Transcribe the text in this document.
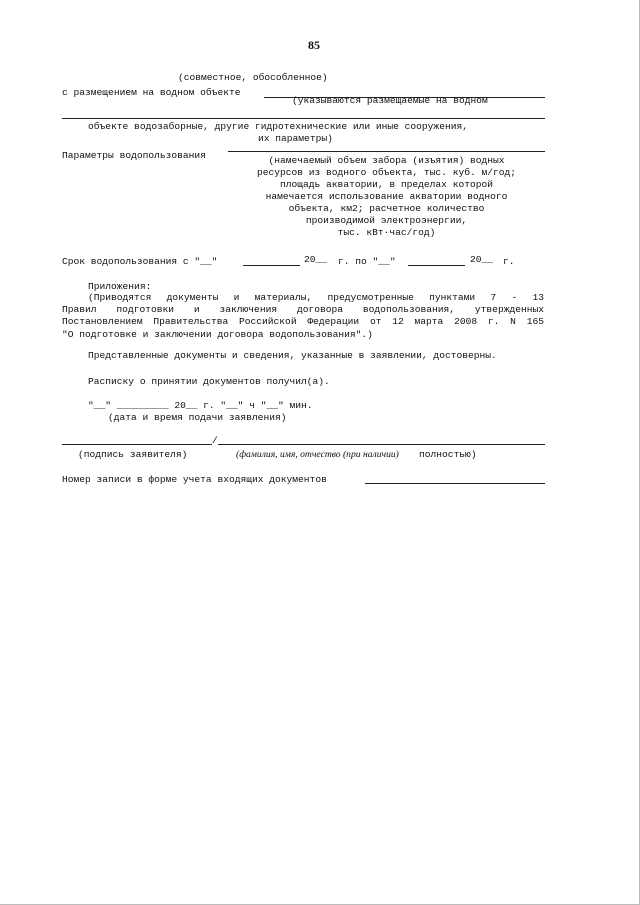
85
(совместное, обособленное)
с размещением на водном объекте
(указываются размещаемые на водном
объекте водозаборные, другие гидротехнические или иные сооружения,
их параметры)
Параметры водопользования	(намечаемый объем забора (изъятия) водных
ресурсов из водного объекта, тыс. куб. м/год;
площадь акватории, в пределах которой
намечается использование акватории водного
объекта, км2; расчетное количество
производимой электроэнергии,
тыс. кВт·час/год)
Срок водопользования с "__"	20__ г. по "__"	20__ г.
Приложения:
(Приводятся документы и материалы, предусмотренные пунктами 7 - 13
Правил подготовки и заключения договора водопользования, утвержденных
Постановлением Правительства Российской Федерации от 12 марта 2008 г. N 165
"О подготовке и заключении договора водопользования".)
Представленные документы и сведения, указанные в заявлении, достоверны.
Расписку о принятии документов получил(а).
"__" _________ 20__ г. "__" ч "__" мин.
(дата и время подачи заявления)
/
(подпись заявителя)	(фамилия, имя, отчество (при наличии) полностью)
Номер записи в форме учета входящих документов
